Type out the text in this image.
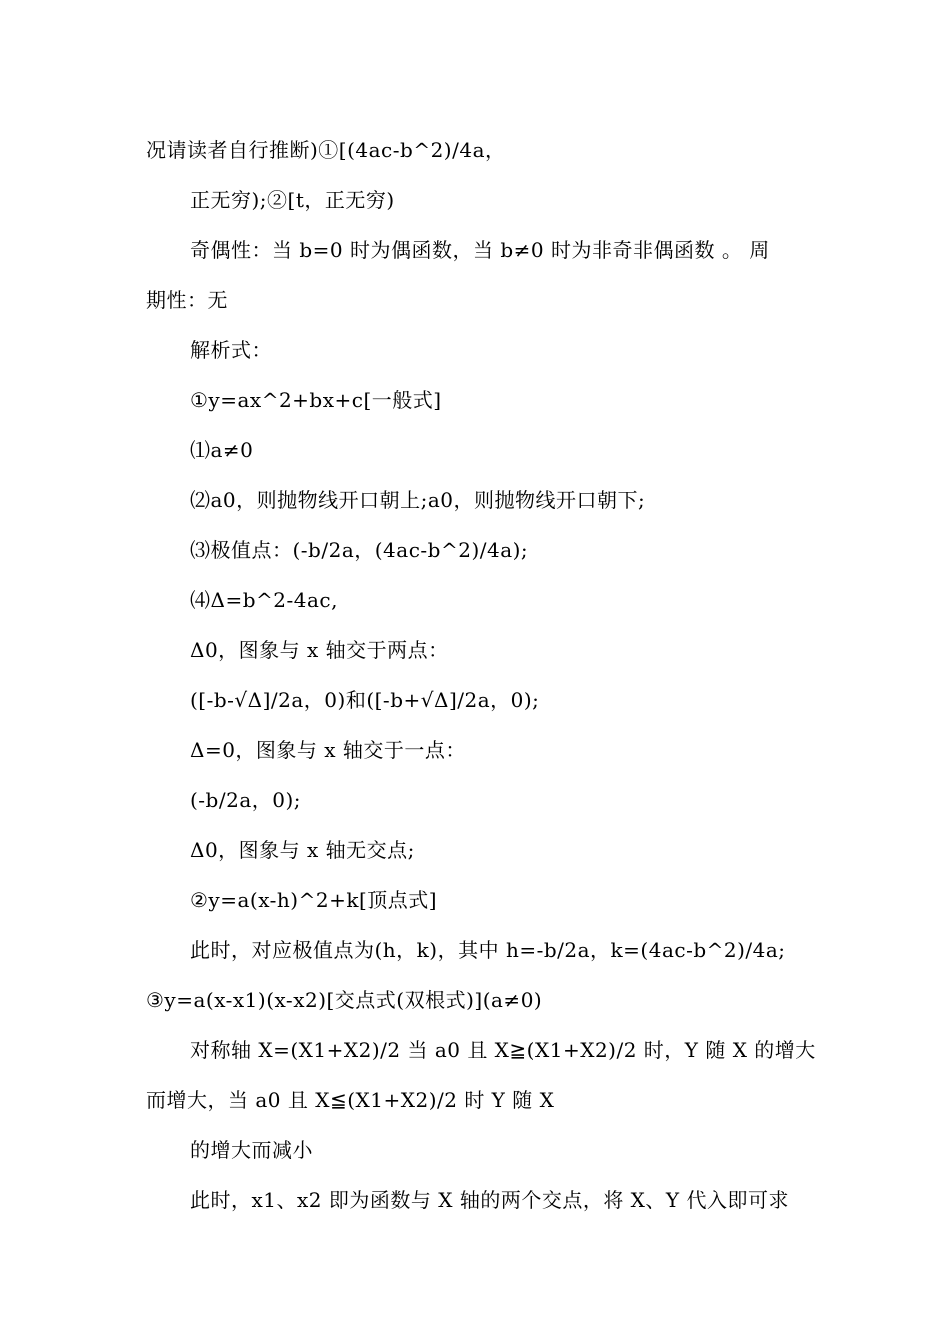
况请读者自行推断)①[(4ac-b^2)/4a，
正无穷);②[t，正无穷)
奇偶性：当 b=0 时为偶函数，当 b≠0 时为非奇非偶函数 。 周
期性：无
解析式：
①y=ax^2+bx+c[一般式]
⑴a≠0
⑵a0，则抛物线开口朝上;a0，则抛物线开口朝下;
⑶极值点：(-b/2a，(4ac-b^2)/4a);
⑷Δ=b^2-4ac,
Δ0，图象与 x 轴交于两点：
([-b-√Δ]/2a，0)和([-b+√Δ]/2a，0);
Δ=0，图象与 x 轴交于一点：
(-b/2a，0);
Δ0，图象与 x 轴无交点;
②y=a(x-h)^2+k[顶点式]
此时，对应极值点为(h，k)，其中 h=-b/2a，k=(4ac-b^2)/4a;
③y=a(x-x1)(x-x2)[交点式(双根式)](a≠0)
对称轴 X=(X1+X2)/2 当 a0 且 X≧(X1+X2)/2 时，Y 随 X 的增大
而增大，当 a0 且 X≦(X1+X2)/2 时 Y 随 X
的增大而减小
此时，x1、x2 即为函数与 X 轴的两个交点，将 X、Y 代入即可求
